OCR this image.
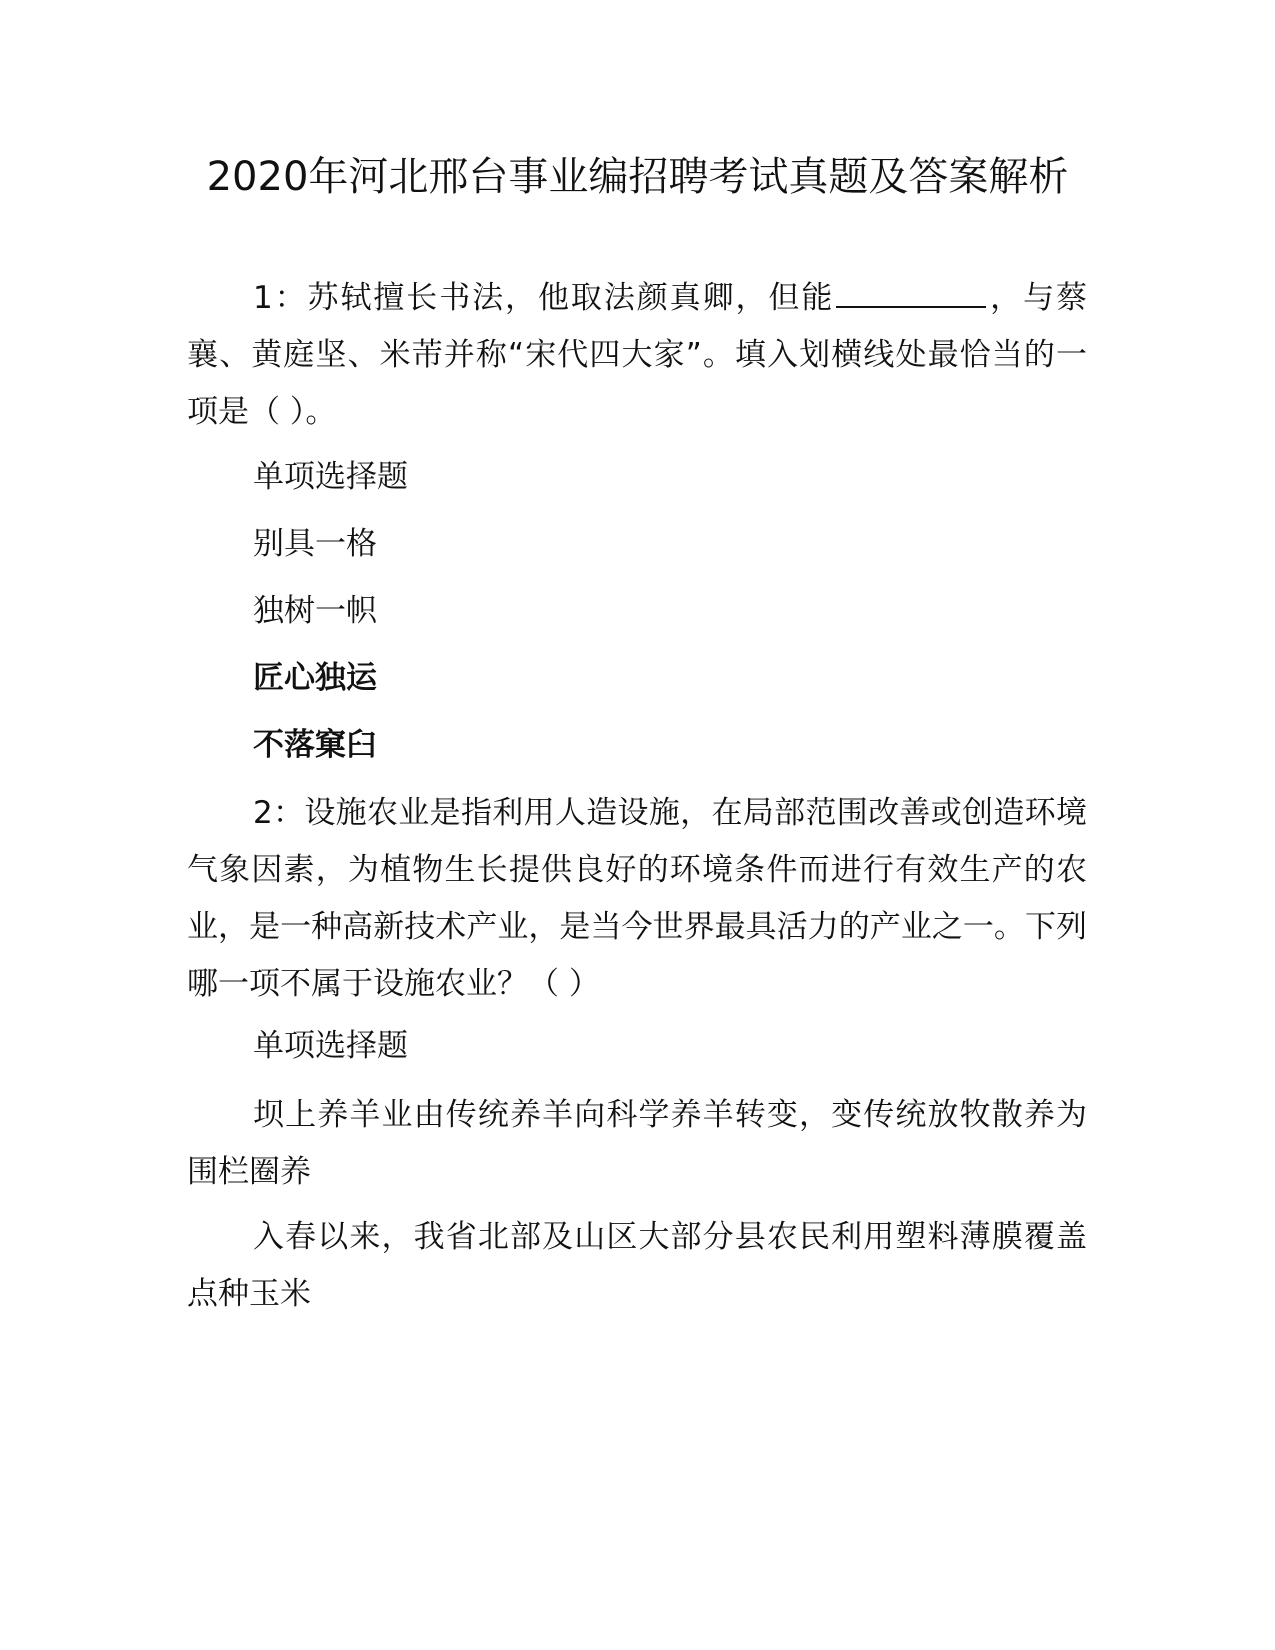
2020年河北邢台事业编招聘考试真题及答案解析

1：苏轼擅长书法，他取法颜真卿，但能	，与蔡襄、黄庭坚、米芾并称“宋代四大家”。填入划横线处最恰当的一项是（ ）。

单项选择题

别具一格

独树一帜

匠心独运

不落窠臼

2：设施农业是指利用人造设施，在局部范围改善或创造环境气象因素，为植物生长提供良好的环境条件而进行有效生产的农业，是一种高新技术产业，是当今世界最具活力的产业之一。下列哪一项不属于设施农业？（ ）

单项选择题

坝上养羊业由传统养羊向科学养羊转变，变传统放牧散养为围栏圈养

入春以来，我省北部及山区大部分县农民利用塑料薄膜覆盖点种玉米
